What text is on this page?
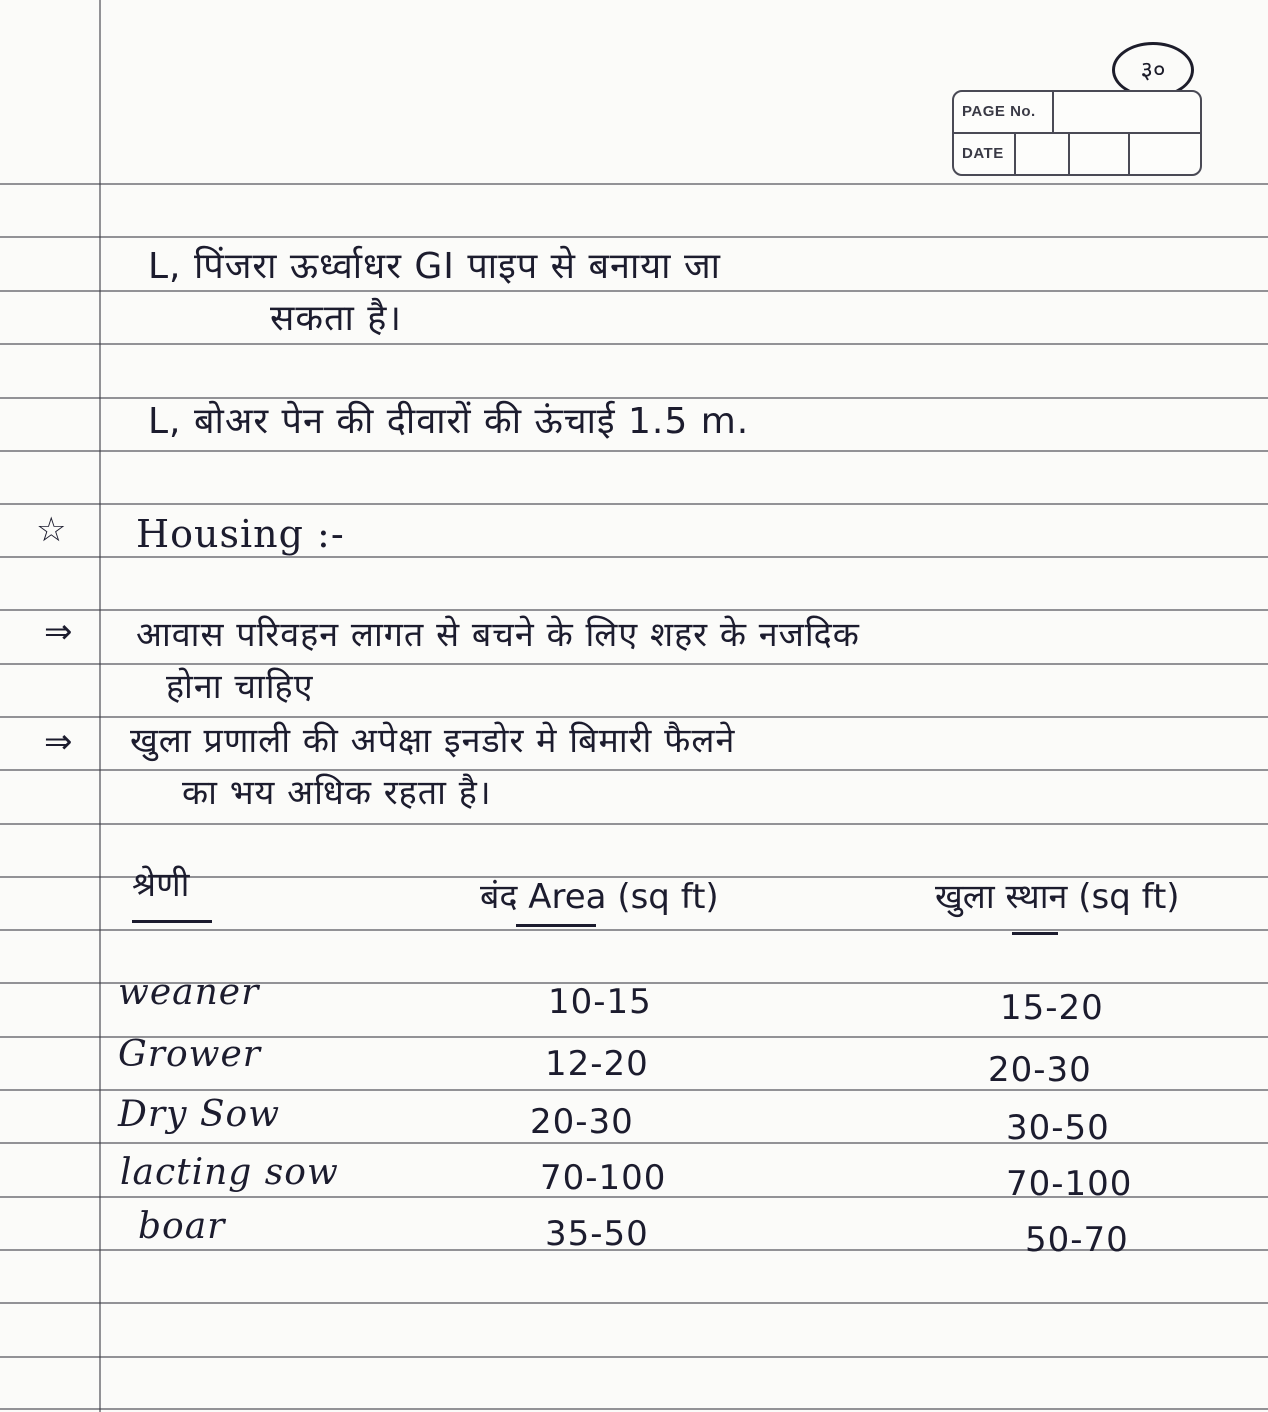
३०
PAGE No.
DATE
L, पिंजरा ऊर्ध्वाधर GI पाइप से बनाया जा
सकता है।
L, बोअर पेन की दीवारों की ऊंचाई 1.5 m.
☆ Housing :-
⇒ आवास परिवहन लागत से बचने के लिए शहर के नजदिक
होना चाहिए
⇒ खुला प्रणाली की अपेक्षा इनडोर मे बिमारी फैलने
का भय अधिक रहता है।
श्रेणी	बंद Area (sq ft)	खुला स्थान (sq ft)
weaner	10-15	15-20
Grower	12-20	20-30
Dry Sow	20-30	30-50
lacting sow	70-100	70-100
boar	35-50	50-70
